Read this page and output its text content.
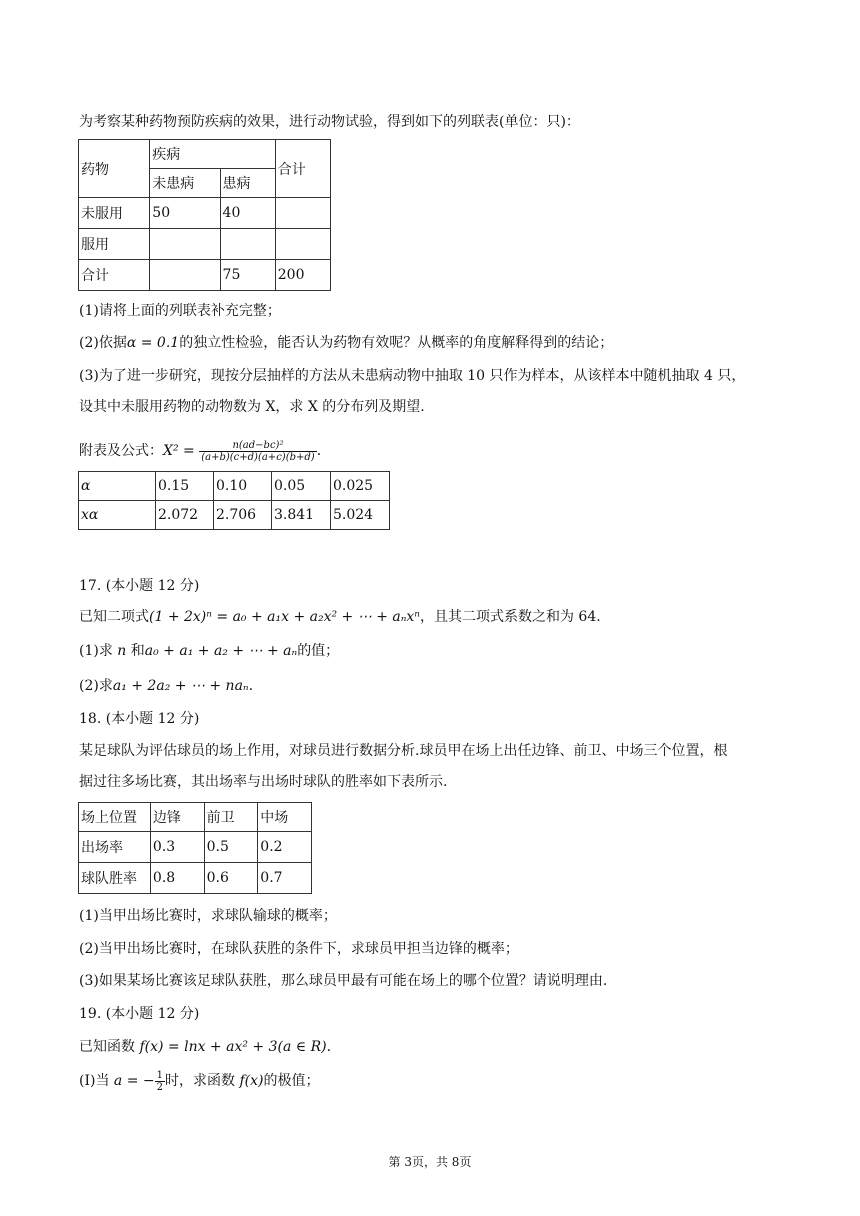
为考察某种药物预防疾病的效果，进行动物试验，得到如下的列联表(单位：只)：
药物	疾病		合计
	未患病	患病	
未服用	50	40	
服用			
合计		75	200
(1)请将上面的列联表补充完整；
(2)依据α = 0.1的独立性检验，能否认为药物有效呢？从概率的角度解释得到的结论；
(3)为了进一步研究，现按分层抽样的方法从未患病动物中抽取 10 只作为样本，从该样本中随机抽取 4 只，
设其中未服用药物的动物数为 X，求 X 的分布列及期望.
附表及公式：$X^2 = \frac{\text{n(ad−bc)²}}{(a+b)(c+d)(a+c)(b+d)}$ .
α	0.15	0.10	0.05	0.025
xα	2.072	2.706	3.841	5.024
17. (本小题 12 分)
已知二项式(1 + 2x)ⁿ = a₀ + a₁x + a₂x² + ⋯ + aₙxⁿ，且其二项式系数之和为 64.
(1)求 n 和a₀ + a₁ + a₂ + ⋯ + aₙ的值；
(2)求a₁ + 2a₂ + ⋯ + naₙ.
18. (本小题 12 分)
某足球队为评估球员的场上作用，对球员进行数据分析.球员甲在场上出任边锋、前卫、中场三个位置，根
据过往多场比赛，其出场率与出场时球队的胜率如下表所示.
场上位置	边锋	前卫	中场
出场率	0.3	0.5	0.2
球队胜率	0.8	0.6	0.7
(1)当甲出场比赛时，求球队输球的概率；
(2)当甲出场比赛时，在球队获胜的条件下，求球员甲担当边锋的概率；
(3)如果某场比赛该足球队获胜，那么球员甲最有可能在场上的哪个位置？请说明理由.
19. (本小题 12 分)
已知函数 f(x) = lnx + ax² + 3(a ∈ R).
(Ⅰ)当 a = − $\frac{1}{2}$ 时，求函数 f(x)的极值；
第 3页，共 8页
